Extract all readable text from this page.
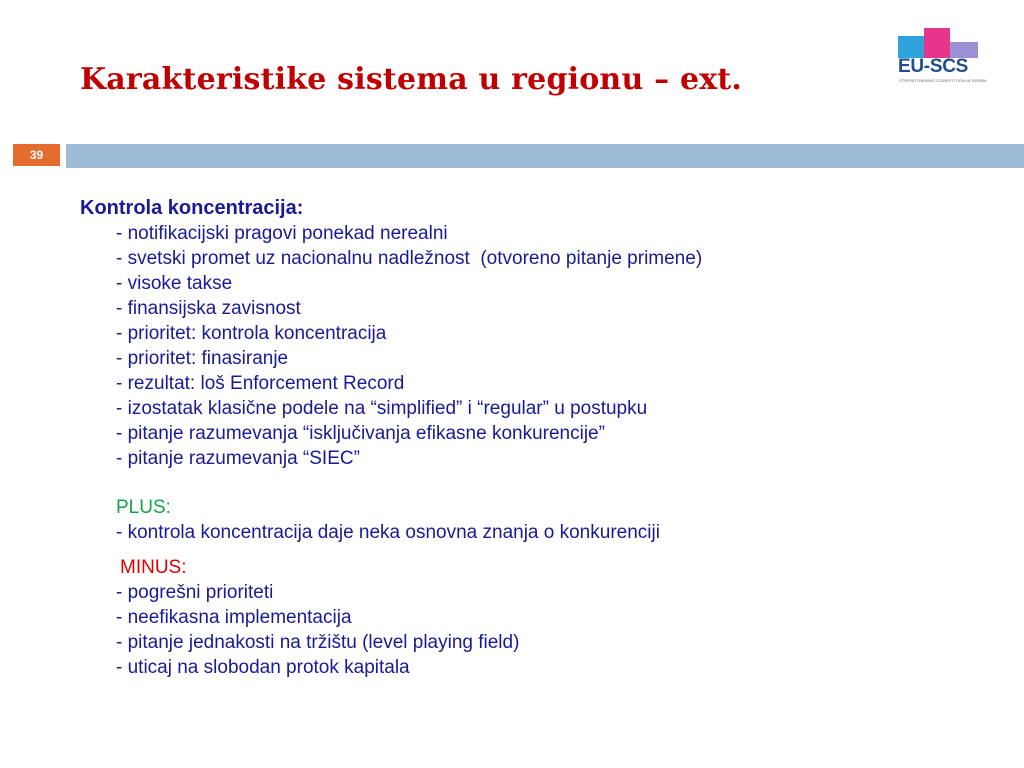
Karakteristike sistema u regionu – ext.	EU-SCS
STRENGTHENING COMPETITION IN SERBIA
39
Kontrola koncentracija:
- notifikacijski pragovi ponekad nerealni
- svetski promet uz nacionalnu nadležnost  (otvoreno pitanje primene)
- visoke takse
- finansijska zavisnost
- prioritet: kontrola koncentracija
- prioritet: finasiranje
- rezultat: loš Enforcement Record
- izostatak klasične podele na “simplified” i “regular” u postupku
- pitanje razumevanja “isključivanja efikasne konkurencije”
- pitanje razumevanja “SIEC”
PLUS:
- kontrola koncentracija daje neka osnovna znanja o konkurenciji
MINUS:
- pogrešni prioriteti
- neefikasna implementacija
- pitanje jednakosti na tržištu (level playing field)
- uticaj na slobodan protok kapitala
